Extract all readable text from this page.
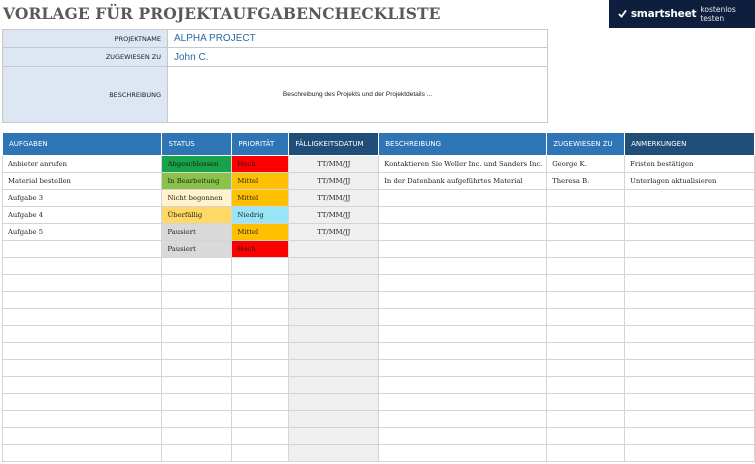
VORLAGE FÜR PROJEKTAUFGABENCHECKLISTE	smartsheet kostenlos testen
PROJEKTNAME	ALPHA PROJECT
ZUGEWIESEN ZU	John C.
BESCHREIBUNG	Beschreibung des Projekts und der Projektdetails ...
AUFGABEN	STATUS	PRIORITÄT	FÄLLIGKEITSDATUM	BESCHREIBUNG	ZUGEWIESEN ZU	ANMERKUNGEN
Anbieter anrufen	Abgeschlossen	Hoch	TT/MM/JJ	Kontaktieren Sie Weller Inc. und Sanders Inc.	George K.	Fristen bestätigen
Material bestellen	In Bearbeitung	Mittel	TT/MM/JJ	In der Datenbank aufgeführtes Material	Theresa B.	Unterlagen aktualisieren
Aufgabe 3	Nicht begonnen	Mittel	TT/MM/JJ			
Aufgabe 4	Überfällig	Niedrig	TT/MM/JJ			
Aufgabe 5	Pausiert	Mittel	TT/MM/JJ			
	Pausiert	Hoch				
